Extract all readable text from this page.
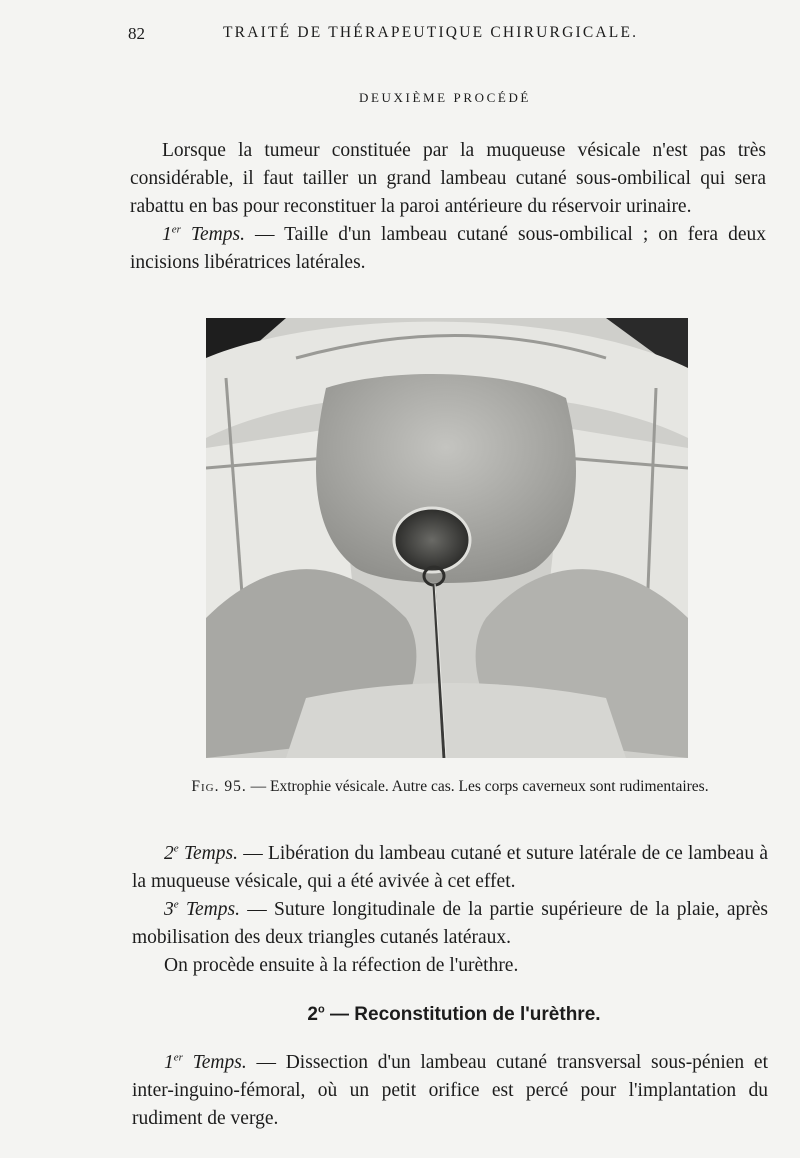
82	TRAITÉ DE THÉRAPEUTIQUE CHIRURGICALE.
DEUXIÈME PROCÉDÉ

Lorsque la tumeur constituée par la muqueuse vésicale n'est pas très considérable, il faut tailler un grand lambeau cutané sous-ombilical qui sera rabattu en bas pour reconstituer la paroi antérieure du réservoir urinaire.

1er Temps. — Taille d'un lambeau cutané sous-ombilical ; on fera deux incisions libératrices latérales.

Fig. 95. — Extrophie vésicale. Autre cas. Les corps caverneux sont rudimentaires.

2e Temps. — Libération du lambeau cutané et suture latérale de ce lambeau à la muqueuse vésicale, qui a été avivée à cet effet.

3e Temps. — Suture longitudinale de la partie supérieure de la plaie, après mobilisation des deux triangles cutanés latéraux.

On procède ensuite à la réfection de l'urèthre.

2$^o$ — Reconstitution de l'urèthre.

1er Temps. — Dissection d'un lambeau cutané transversal sous-pénien et inter-inguino-fémoral, où un petit orifice est percé pour l'implantation du rudiment de verge.
